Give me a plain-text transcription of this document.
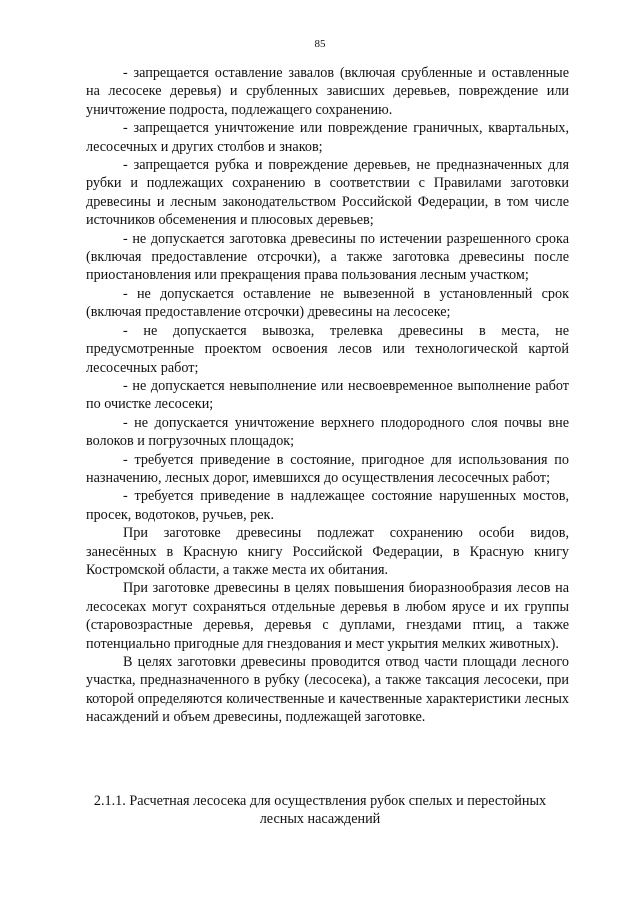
85

- запрещается оставление завалов (включая срубленные и оставленные на лесосеке деревья) и срубленных зависших деревьев, повреждение или уничтожение подроста, подлежащего сохранению.

- запрещается уничтожение или повреждение граничных, квартальных, лесосечных и других столбов и знаков;

- запрещается рубка и повреждение деревьев, не предназначенных для рубки и подлежащих сохранению в соответствии с Правилами заготовки древесины и лесным законодательством Российской Федерации, в том числе источников обсеменения и плюсовых деревьев;

- не допускается заготовка древесины по истечении разрешенного срока (включая предоставление отсрочки), а также заготовка древесины после приостановления или прекращения права пользования лесным участком;

- не допускается оставление не вывезенной в установленный срок (включая предоставление отсрочки) древесины на лесосеке;

- не допускается вывозка, трелевка древесины в места, не предусмотренные проектом освоения лесов или технологической картой лесосечных работ;

- не допускается невыполнение или несвоевременное выполнение работ по очистке лесосеки;

- не допускается уничтожение верхнего плодородного слоя почвы вне волоков и погрузочных площадок;

- требуется приведение в состояние, пригодное для использования по назначению, лесных дорог, имевшихся до осуществления лесосечных работ;

- требуется приведение в надлежащее состояние нарушенных мостов, просек, водотоков, ручьев, рек.

При заготовке древесины подлежат сохранению особи видов, занесённых в Красную книгу Российской Федерации, в Красную книгу Костромской области, а также места их обитания.

При заготовке древесины в целях повышения биоразнообразия лесов на лесосеках могут сохраняться отдельные деревья в любом ярусе и их группы (старовозрастные деревья, деревья с дуплами, гнездами птиц, а также потенциально пригодные для гнездования и мест укрытия мелких животных).

В целях заготовки древесины проводится отвод части площади лесного участка, предназначенного в рубку (лесосека), а также таксация лесосеки, при которой определяются количественные и качественные характеристики лесных насаждений и объем древесины, подлежащей заготовке.

2.1.1. Расчетная лесосека для осуществления рубок спелых и перестойных лесных насаждений
